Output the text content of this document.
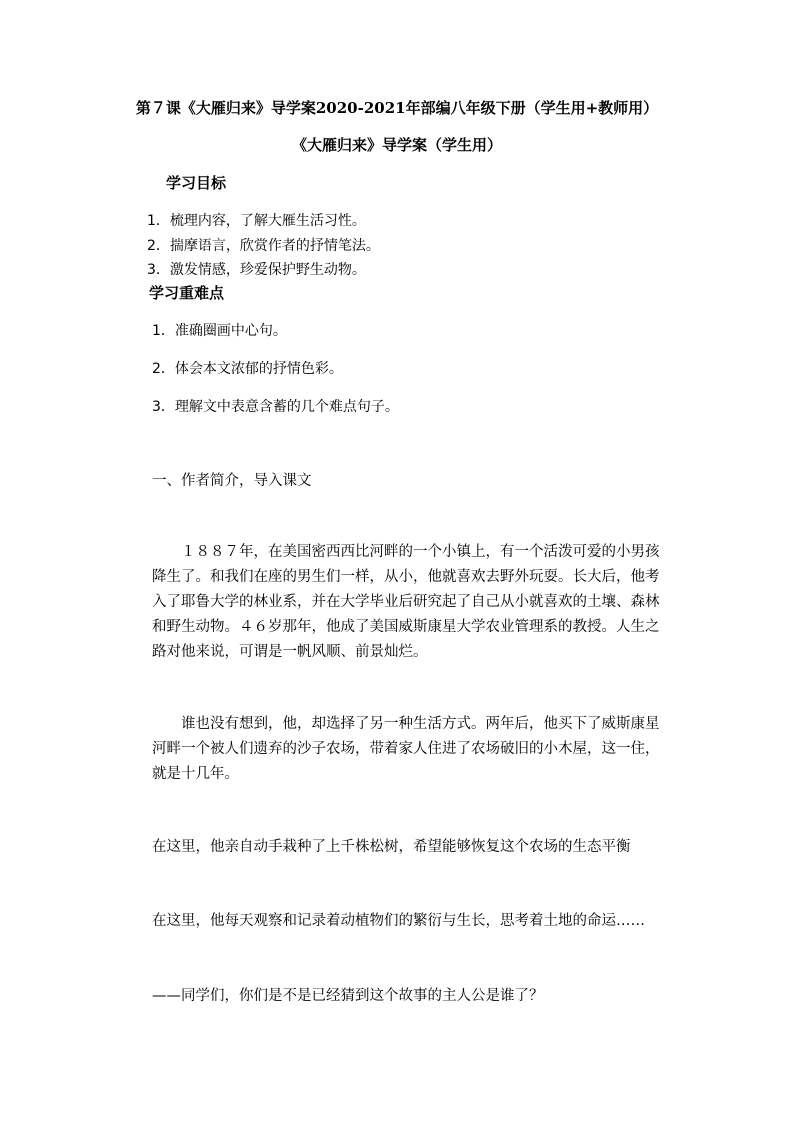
第７课《大雁归来》导学案2020-2021年部编八年级下册（学生用+教师用）
《大雁归来》导学案（学生用）
学习目标
1．梳理内容，了解大雁生活习性。
2．揣摩语言，欣赏作者的抒情笔法。
3．激发情感，珍爱保护野生动物。
学习重难点
1．准确圈画中心句。
2．体会本文浓郁的抒情色彩。
3．理解文中表意含蓄的几个难点句子。
一、作者简介，导入课文
１８８７年，在美国密西西比河畔的一个小镇上，有一个活泼可爱的小男孩降生了。和我们在座的男生们一样，从小，他就喜欢去野外玩耍。长大后，他考入了耶鲁大学的林业系，并在大学毕业后研究起了自己从小就喜欢的土壤、森林和野生动物。４６岁那年，他成了美国威斯康星大学农业管理系的教授。人生之路对他来说，可谓是一帆风顺、前景灿烂。
谁也没有想到，他，却选择了另一种生活方式。两年后，他买下了威斯康星河畔一个被人们遗弃的沙子农场，带着家人住进了农场破旧的小木屋，这一住，就是十几年。
在这里，他亲自动手栽种了上千株松树，希望能够恢复这个农场的生态平衡
在这里，他每天观察和记录着动植物们的繁衍与生长，思考着土地的命运……
——同学们，你们是不是已经猜到这个故事的主人公是谁了？
